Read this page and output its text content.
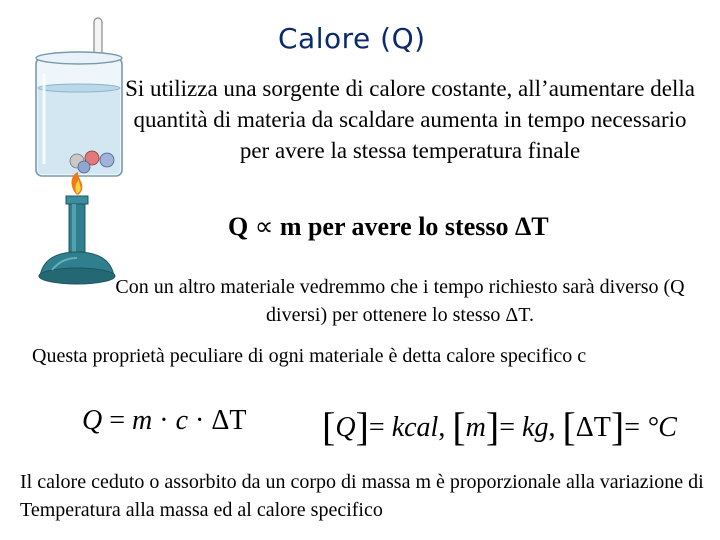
Calore (Q)
Si utilizza una sorgente di calore costante, all’aumentare della quantità di materia da scaldare aumenta in tempo necessario per avere la stessa temperatura finale
Q ∝ m per avere lo stesso ΔT
Con un altro materiale vedremmo che i tempo richiesto sarà diverso (Q diversi) per ottenere lo stesso ΔT.
Questa proprietà peculiare di ogni materiale è detta calore specifico c
Q = m · c · ΔT [Q]= kcal, [m]= kg, [ΔT]= °C
Il calore ceduto o assorbito da un corpo di massa m è proporzionale alla variazione di Temperatura alla massa ed al calore specifico
